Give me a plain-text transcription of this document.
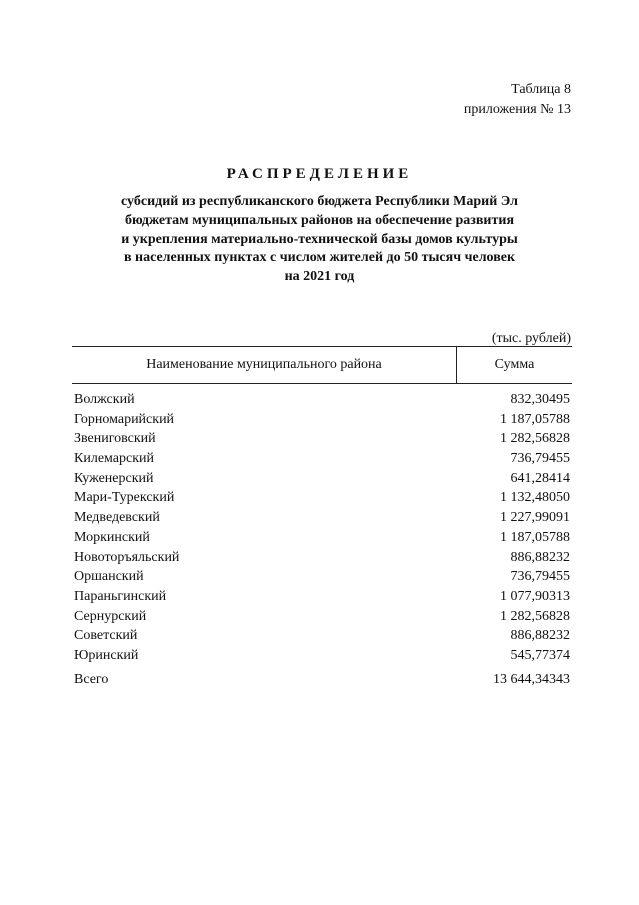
Таблица 8
приложения № 13
РАСПРЕДЕЛЕНИЕ
субсидий из республиканского бюджета Республики Марий Эл
бюджетам муниципальных районов на обеспечение развития
и укрепления материально-технической базы домов культуры
в населенных пунктах с числом жителей до 50 тысяч человек
на 2021 год
(тыс. рублей)
Наименование муниципального района	Сумма
Волжский	832,30495
Горномарийский	1 187,05788
Звениговский	1 282,56828
Килемарский	736,79455
Куженерский	641,28414
Мари-Турекский	1 132,48050
Медведевский	1 227,99091
Моркинский	1 187,05788
Новоторъяльский	886,88232
Оршанский	736,79455
Параньгинский	1 077,90313
Сернурский	1 282,56828
Советский	886,88232
Юринский	545,77374
Всего	13 644,34343
